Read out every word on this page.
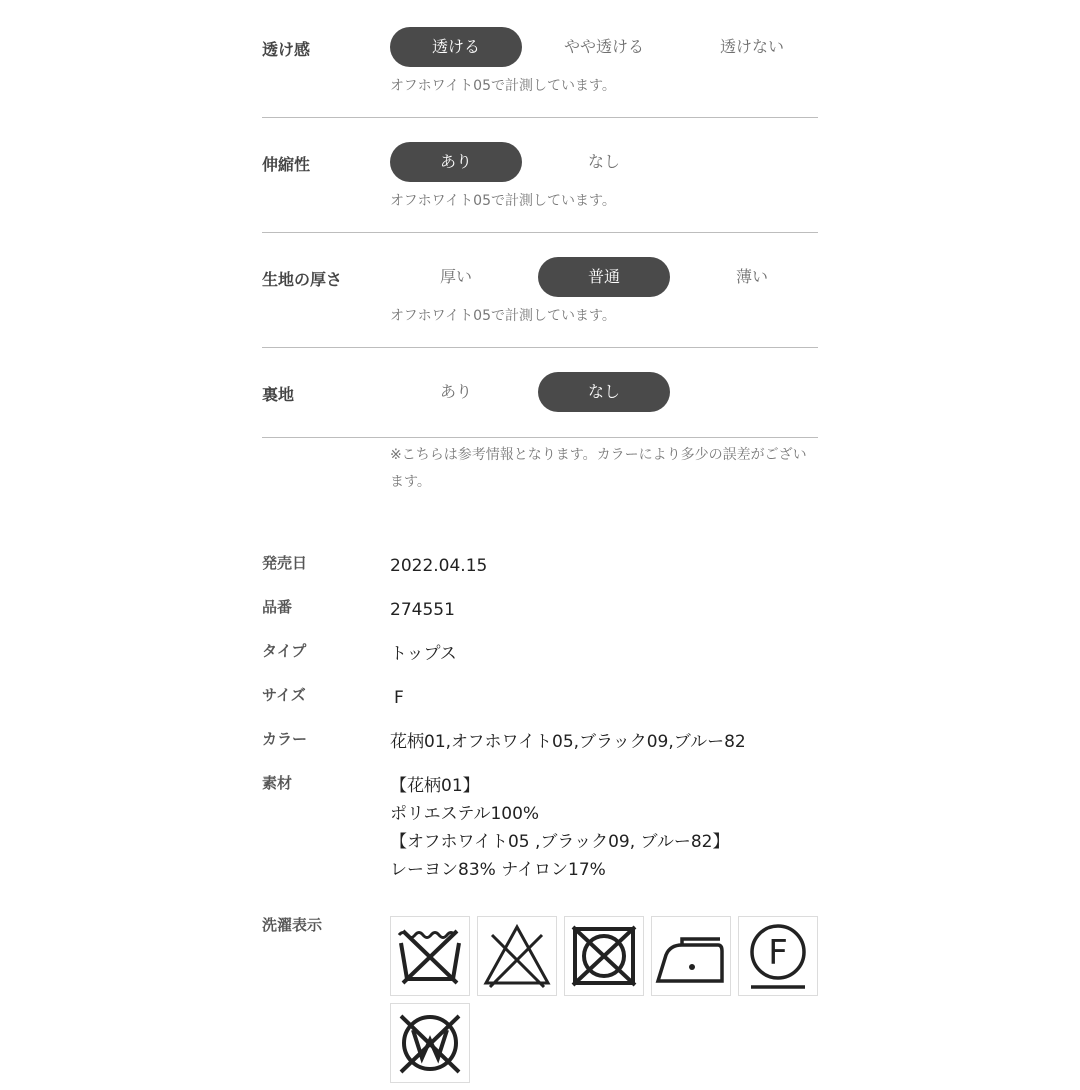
透け感	透ける	やや透ける	透けない
オフホワイト05で計測しています。
伸縮性	あり	なし
オフホワイト05で計測しています。
生地の厚さ	厚い	普通	薄い
オフホワイト05で計測しています。
裏地	あり	なし
※こちらは参考情報となります。カラーにより多少の誤差がございます。
発売日	2022.04.15
品番	274551
タイプ	トップス
サイズ	F
カラー	花柄01,オフホワイト05,ブラック09,ブルー82
素材	【花柄01】
ポリエステル100%
【オフホワイト05 ,ブラック09, ブルー82】
レーヨン83% ナイロン17%
洗濯表示
F
